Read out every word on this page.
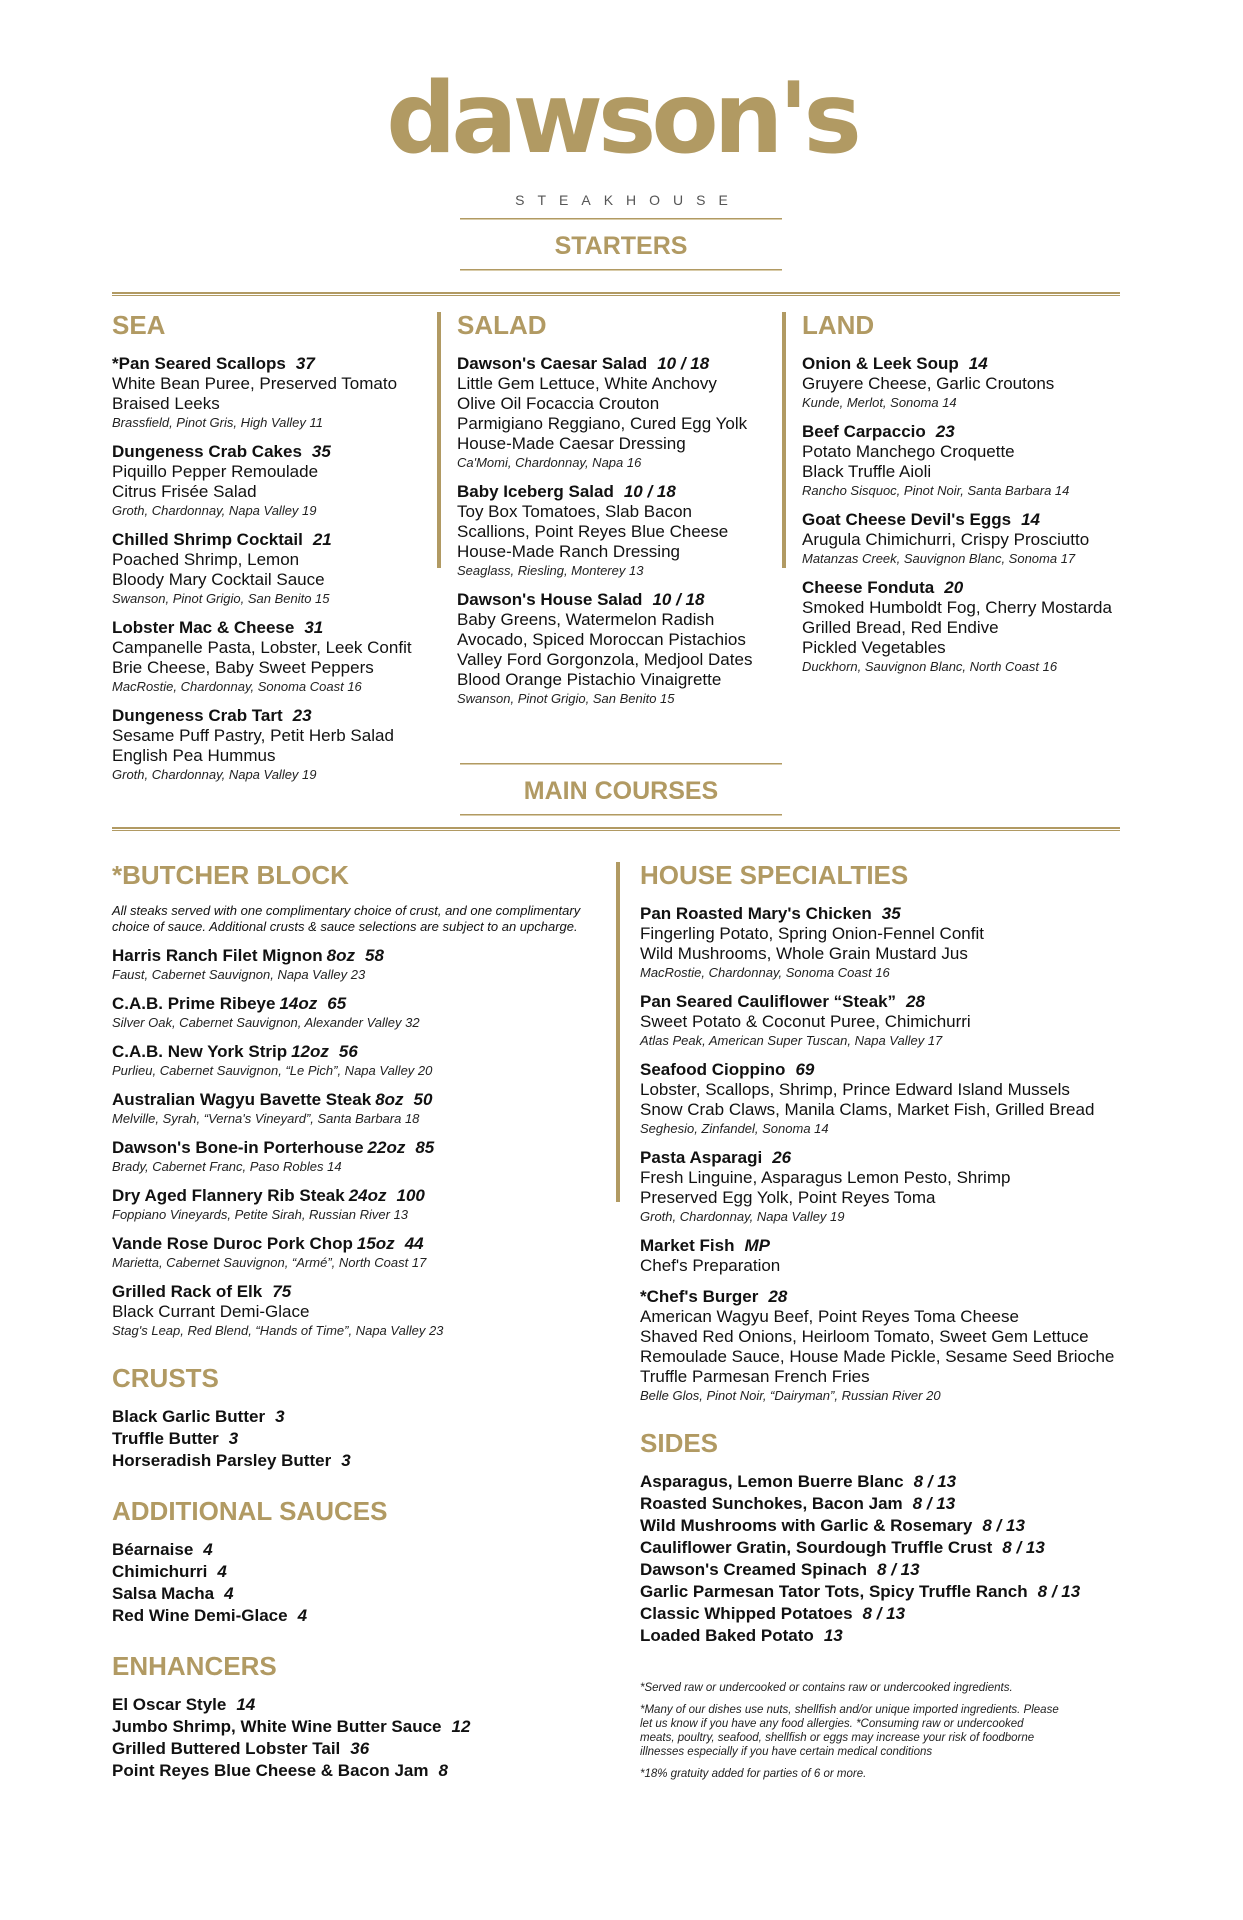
dawson's
STEAKHOUSE
STARTERS
SEA
*Pan Seared Scallops 37
White Bean Puree, Preserved Tomato
Braised Leeks
Brassfield, Pinot Gris, High Valley 11
Dungeness Crab Cakes 35
Piquillo Pepper Remoulade
Citrus Frisée Salad
Groth, Chardonnay, Napa Valley 19
Chilled Shrimp Cocktail 21
Poached Shrimp, Lemon
Bloody Mary Cocktail Sauce
Swanson, Pinot Grigio, San Benito 15
Lobster Mac & Cheese 31
Campanelle Pasta, Lobster, Leek Confit
Brie Cheese, Baby Sweet Peppers
MacRostie, Chardonnay, Sonoma Coast 16
Dungeness Crab Tart 23
Sesame Puff Pastry, Petit Herb Salad
English Pea Hummus
Groth, Chardonnay, Napa Valley 19
SALAD
Dawson's Caesar Salad 10 / 18
Little Gem Lettuce, White Anchovy
Olive Oil Focaccia Crouton
Parmigiano Reggiano, Cured Egg Yolk
House-Made Caesar Dressing
Ca'Momi, Chardonnay, Napa 16
Baby Iceberg Salad 10 / 18
Toy Box Tomatoes, Slab Bacon
Scallions, Point Reyes Blue Cheese
House-Made Ranch Dressing
Seaglass, Riesling, Monterey 13
Dawson's House Salad 10 / 18
Baby Greens, Watermelon Radish
Avocado, Spiced Moroccan Pistachios
Valley Ford Gorgonzola, Medjool Dates
Blood Orange Pistachio Vinaigrette
Swanson, Pinot Grigio, San Benito 15
LAND
Onion & Leek Soup 14
Gruyere Cheese, Garlic Croutons
Kunde, Merlot, Sonoma 14
Beef Carpaccio 23
Potato Manchego Croquette
Black Truffle Aioli
Rancho Sisquoc, Pinot Noir, Santa Barbara 14
Goat Cheese Devil's Eggs 14
Arugula Chimichurri, Crispy Prosciutto
Matanzas Creek, Sauvignon Blanc, Sonoma 17
Cheese Fonduta 20
Smoked Humboldt Fog, Cherry Mostarda
Grilled Bread, Red Endive
Pickled Vegetables
Duckhorn, Sauvignon Blanc, North Coast 16
MAIN COURSES
*BUTCHER BLOCK
All steaks served with one complimentary choice of crust, and one complimentary choice of sauce. Additional crusts & sauce selections are subject to an upcharge.
Harris Ranch Filet Mignon 8oz 58
Faust, Cabernet Sauvignon, Napa Valley 23
C.A.B. Prime Ribeye 14oz 65
Silver Oak, Cabernet Sauvignon, Alexander Valley 32
C.A.B. New York Strip 12oz 56
Purlieu, Cabernet Sauvignon, “Le Pich”, Napa Valley 20
Australian Wagyu Bavette Steak 8oz 50
Melville, Syrah, “Verna's Vineyard”, Santa Barbara 18
Dawson's Bone-in Porterhouse 22oz 85
Brady, Cabernet Franc, Paso Robles 14
Dry Aged Flannery Rib Steak 24oz 100
Foppiano Vineyards, Petite Sirah, Russian River 13
Vande Rose Duroc Pork Chop 15oz 44
Marietta, Cabernet Sauvignon, “Armé”, North Coast 17
Grilled Rack of Elk 75
Black Currant Demi-Glace
Stag's Leap, Red Blend, “Hands of Time”, Napa Valley 23
CRUSTS
Black Garlic Butter 3
Truffle Butter 3
Horseradish Parsley Butter 3
ADDITIONAL SAUCES
Béarnaise 4
Chimichurri 4
Salsa Macha 4
Red Wine Demi-Glace 4
ENHANCERS
El Oscar Style 14
Jumbo Shrimp, White Wine Butter Sauce 12
Grilled Buttered Lobster Tail 36
Point Reyes Blue Cheese & Bacon Jam 8
HOUSE SPECIALTIES
Pan Roasted Mary's Chicken 35
Fingerling Potato, Spring Onion-Fennel Confit
Wild Mushrooms, Whole Grain Mustard Jus
MacRostie, Chardonnay, Sonoma Coast 16
Pan Seared Cauliflower “Steak” 28
Sweet Potato & Coconut Puree, Chimichurri
Atlas Peak, American Super Tuscan, Napa Valley 17
Seafood Cioppino 69
Lobster, Scallops, Shrimp, Prince Edward Island Mussels
Snow Crab Claws, Manila Clams, Market Fish, Grilled Bread
Seghesio, Zinfandel, Sonoma 14
Pasta Asparagi 26
Fresh Linguine, Asparagus Lemon Pesto, Shrimp
Preserved Egg Yolk, Point Reyes Toma
Groth, Chardonnay, Napa Valley 19
Market Fish MP
Chef's Preparation
*Chef's Burger 28
American Wagyu Beef, Point Reyes Toma Cheese
Shaved Red Onions, Heirloom Tomato, Sweet Gem Lettuce
Remoulade Sauce, House Made Pickle, Sesame Seed Brioche
Truffle Parmesan French Fries
Belle Glos, Pinot Noir, “Dairyman”, Russian River 20
SIDES
Asparagus, Lemon Buerre Blanc 8 / 13
Roasted Sunchokes, Bacon Jam 8 / 13
Wild Mushrooms with Garlic & Rosemary 8 / 13
Cauliflower Gratin, Sourdough Truffle Crust 8 / 13
Dawson's Creamed Spinach 8 / 13
Garlic Parmesan Tator Tots, Spicy Truffle Ranch 8 / 13
Classic Whipped Potatoes 8 / 13
Loaded Baked Potato 13
*Served raw or undercooked or contains raw or undercooked ingredients.
*Many of our dishes use nuts, shellfish and/or unique imported ingredients. Please let us know if you have any food allergies. *Consuming raw or undercooked meats, poultry, seafood, shellfish or eggs may increase your risk of foodborne illnesses especially if you have certain medical conditions
*18% gratuity added for parties of 6 or more.
